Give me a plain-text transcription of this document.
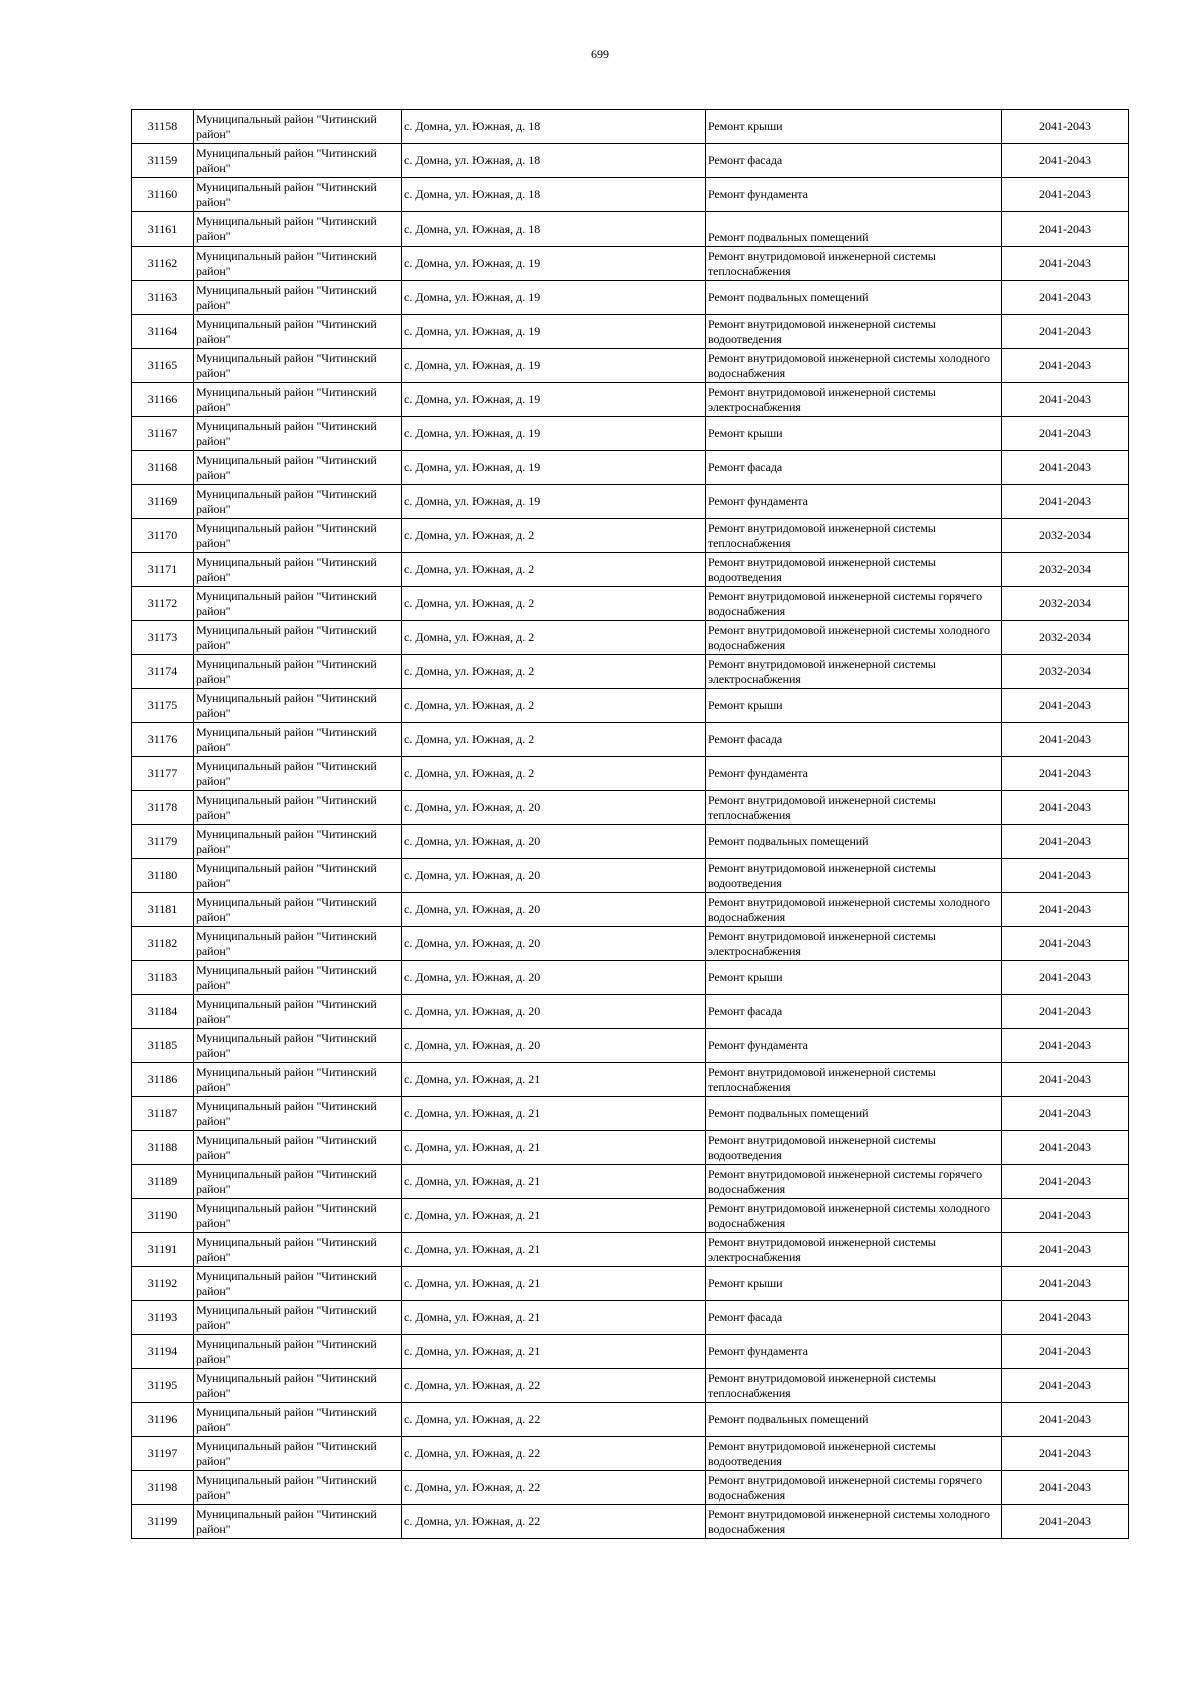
699
31158	Муниципальный район "Читинский район"	с. Домна, ул. Южная, д. 18	Ремонт крыши	2041-2043
31159	Муниципальный район "Читинский район"	с. Домна, ул. Южная, д. 18	Ремонт фасада	2041-2043
31160	Муниципальный район "Читинский район"	с. Домна, ул. Южная, д. 18	Ремонт фундамента	2041-2043
31161	Муниципальный район "Читинский район"	с. Домна, ул. Южная, д. 18	Ремонт подвальных помещений	2041-2043
31162	Муниципальный район "Читинский район"	с. Домна, ул. Южная, д. 19	Ремонт внутридомовой инженерной системы теплоснабжения	2041-2043
31163	Муниципальный район "Читинский район"	с. Домна, ул. Южная, д. 19	Ремонт подвальных помещений	2041-2043
31164	Муниципальный район "Читинский район"	с. Домна, ул. Южная, д. 19	Ремонт внутридомовой инженерной системы водоотведения	2041-2043
31165	Муниципальный район "Читинский район"	с. Домна, ул. Южная, д. 19	Ремонт внутридомовой инженерной системы холодного водоснабжения	2041-2043
31166	Муниципальный район "Читинский район"	с. Домна, ул. Южная, д. 19	Ремонт внутридомовой инженерной системы электроснабжения	2041-2043
31167	Муниципальный район "Читинский район"	с. Домна, ул. Южная, д. 19	Ремонт крыши	2041-2043
31168	Муниципальный район "Читинский район"	с. Домна, ул. Южная, д. 19	Ремонт фасада	2041-2043
31169	Муниципальный район "Читинский район"	с. Домна, ул. Южная, д. 19	Ремонт фундамента	2041-2043
31170	Муниципальный район "Читинский район"	с. Домна, ул. Южная, д. 2	Ремонт внутридомовой инженерной системы теплоснабжения	2032-2034
31171	Муниципальный район "Читинский район"	с. Домна, ул. Южная, д. 2	Ремонт внутридомовой инженерной системы водоотведения	2032-2034
31172	Муниципальный район "Читинский район"	с. Домна, ул. Южная, д. 2	Ремонт внутридомовой инженерной системы горячего водоснабжения	2032-2034
31173	Муниципальный район "Читинский район"	с. Домна, ул. Южная, д. 2	Ремонт внутридомовой инженерной системы холодного водоснабжения	2032-2034
31174	Муниципальный район "Читинский район"	с. Домна, ул. Южная, д. 2	Ремонт внутридомовой инженерной системы электроснабжения	2032-2034
31175	Муниципальный район "Читинский район"	с. Домна, ул. Южная, д. 2	Ремонт крыши	2041-2043
31176	Муниципальный район "Читинский район"	с. Домна, ул. Южная, д. 2	Ремонт фасада	2041-2043
31177	Муниципальный район "Читинский район"	с. Домна, ул. Южная, д. 2	Ремонт фундамента	2041-2043
31178	Муниципальный район "Читинский район"	с. Домна, ул. Южная, д. 20	Ремонт внутридомовой инженерной системы теплоснабжения	2041-2043
31179	Муниципальный район "Читинский район"	с. Домна, ул. Южная, д. 20	Ремонт подвальных помещений	2041-2043
31180	Муниципальный район "Читинский район"	с. Домна, ул. Южная, д. 20	Ремонт внутридомовой инженерной системы водоотведения	2041-2043
31181	Муниципальный район "Читинский район"	с. Домна, ул. Южная, д. 20	Ремонт внутридомовой инженерной системы холодного водоснабжения	2041-2043
31182	Муниципальный район "Читинский район"	с. Домна, ул. Южная, д. 20	Ремонт внутридомовой инженерной системы электроснабжения	2041-2043
31183	Муниципальный район "Читинский район"	с. Домна, ул. Южная, д. 20	Ремонт крыши	2041-2043
31184	Муниципальный район "Читинский район"	с. Домна, ул. Южная, д. 20	Ремонт фасада	2041-2043
31185	Муниципальный район "Читинский район"	с. Домна, ул. Южная, д. 20	Ремонт фундамента	2041-2043
31186	Муниципальный район "Читинский район"	с. Домна, ул. Южная, д. 21	Ремонт внутридомовой инженерной системы теплоснабжения	2041-2043
31187	Муниципальный район "Читинский район"	с. Домна, ул. Южная, д. 21	Ремонт подвальных помещений	2041-2043
31188	Муниципальный район "Читинский район"	с. Домна, ул. Южная, д. 21	Ремонт внутридомовой инженерной системы водоотведения	2041-2043
31189	Муниципальный район "Читинский район"	с. Домна, ул. Южная, д. 21	Ремонт внутридомовой инженерной системы горячего водоснабжения	2041-2043
31190	Муниципальный район "Читинский район"	с. Домна, ул. Южная, д. 21	Ремонт внутридомовой инженерной системы холодного водоснабжения	2041-2043
31191	Муниципальный район "Читинский район"	с. Домна, ул. Южная, д. 21	Ремонт внутридомовой инженерной системы электроснабжения	2041-2043
31192	Муниципальный район "Читинский район"	с. Домна, ул. Южная, д. 21	Ремонт крыши	2041-2043
31193	Муниципальный район "Читинский район"	с. Домна, ул. Южная, д. 21	Ремонт фасада	2041-2043
31194	Муниципальный район "Читинский район"	с. Домна, ул. Южная, д. 21	Ремонт фундамента	2041-2043
31195	Муниципальный район "Читинский район"	с. Домна, ул. Южная, д. 22	Ремонт внутридомовой инженерной системы теплоснабжения	2041-2043
31196	Муниципальный район "Читинский район"	с. Домна, ул. Южная, д. 22	Ремонт подвальных помещений	2041-2043
31197	Муниципальный район "Читинский район"	с. Домна, ул. Южная, д. 22	Ремонт внутридомовой инженерной системы водоотведения	2041-2043
31198	Муниципальный район "Читинский район"	с. Домна, ул. Южная, д. 22	Ремонт внутридомовой инженерной системы горячего водоснабжения	2041-2043
31199	Муниципальный район "Читинский район"	с. Домна, ул. Южная, д. 22	Ремонт внутридомовой инженерной системы холодного водоснабжения	2041-2043
